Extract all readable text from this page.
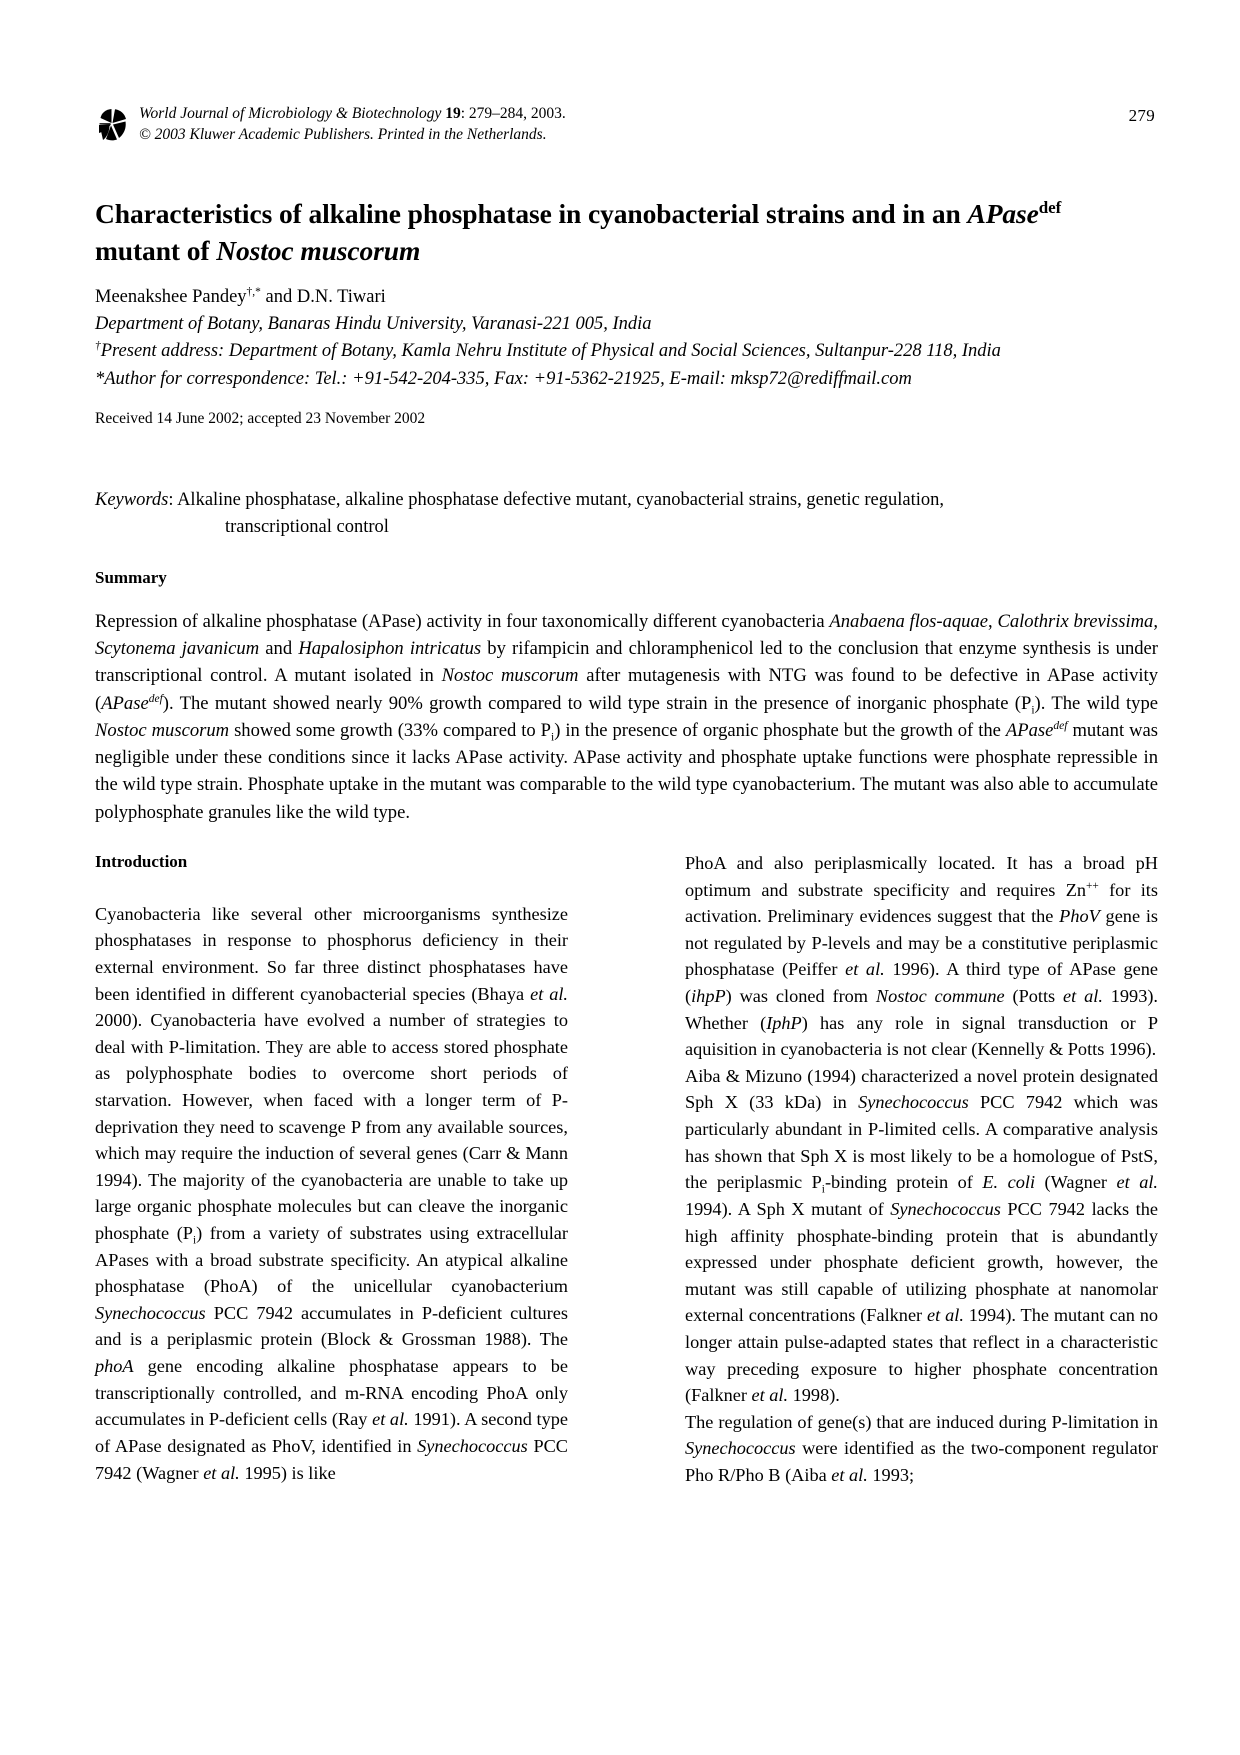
World Journal of Microbiology & Biotechnology 19: 279–284, 2003.
© 2003 Kluwer Academic Publishers. Printed in the Netherlands.
279
Characteristics of alkaline phosphatase in cyanobacterial strains and in an APase$^{def}$
mutant of Nostoc muscorum
Meenakshee Pandey†,* and D.N. Tiwari
Department of Botany, Banaras Hindu University, Varanasi-221 005, India
†Present address: Department of Botany, Kamla Nehru Institute of Physical and Social Sciences, Sultanpur-228 118, India
*Author for correspondence: Tel.: +91-542-204-335, Fax: +91-5362-21925, E-mail: mksp72@rediffmail.com
Received 14 June 2002; accepted 23 November 2002
Keywords: Alkaline phosphatase, alkaline phosphatase defective mutant, cyanobacterial strains, genetic regulation,
transcriptional control
Summary
Repression of alkaline phosphatase (APase) activity in four taxonomically different cyanobacteria Anabaena flos-aquae, Calothrix brevissima, Scytonema javanicum and Hapalosiphon intricatus by rifampicin and chloramphenicol led to the conclusion that enzyme synthesis is under transcriptional control. A mutant isolated in Nostoc muscorum after mutagenesis with NTG was found to be defective in APase activity (APase$^{def}$). The mutant showed nearly 90% growth compared to wild type strain in the presence of inorganic phosphate $(P_i)$. The wild type Nostoc muscorum showed some growth (33% compared to $P_i$) in the presence of organic phosphate but the growth of the APase$^{def}$ mutant was negligible under these conditions since it lacks APase activity. APase activity and phosphate uptake functions were phosphate repressible in the wild type strain. Phosphate uptake in the mutant was comparable to the wild type cyanobacterium. The mutant was also able to accumulate polyphosphate granules like the wild type.
Introduction

Cyanobacteria like several other microorganisms synthesize phosphatases in response to phosphorus deficiency in their external environment. So far three distinct phosphatases have been identified in different cyanobacterial species (Bhaya et al. 2000). Cyanobacteria have evolved a number of strategies to deal with P-limitation. They are able to access stored phosphate as polyphosphate bodies to overcome short periods of starvation. However, when faced with a longer term of P-deprivation they need to scavenge P from any available sources, which may require the induction of several genes (Carr & Mann 1994). The majority of the cyanobacteria are unable to take up large organic phosphate molecules but can cleave the inorganic phosphate $(P_i)$ from a variety of substrates using extracellular APases with a broad substrate specificity. An atypical alkaline phosphatase (PhoA) of the unicellular cyanobacterium Synechococcus PCC 7942 accumulates in P-deficient cultures and is a periplasmic protein (Block & Grossman 1988). The phoA gene encoding alkaline phosphatase appears to be transcriptionally controlled, and m-RNA encoding PhoA only accumulates in P-deficient cells (Ray et al. 1991). A second type of APase designated as PhoV, identified in Synechococcus PCC 7942 (Wagner et al. 1995) is like

PhoA and also periplasmically located. It has a broad pH optimum and substrate specificity and requires Zn++ for its activation. Preliminary evidences suggest that the PhoV gene is not regulated by P-levels and may be a constitutive periplasmic phosphatase (Peiffer et al. 1996). A third type of APase gene (ihpP) was cloned from Nostoc commune (Potts et al. 1993). Whether (IphP) has any role in signal transduction or P aquisition in cyanobacteria is not clear (Kennelly & Potts 1996).

Aiba & Mizuno (1994) characterized a novel protein designated Sph X (33 kDa) in Synechococcus PCC 7942 which was particularly abundant in P-limited cells. A comparative analysis has shown that Sph X is most likely to be a homologue of PstS, the periplasmic $P_i$-binding protein of E. coli (Wagner et al. 1994). A Sph X mutant of Synechococcus PCC 7942 lacks the high affinity phosphate-binding protein that is abundantly expressed under phosphate deficient growth, however, the mutant was still capable of utilizing phosphate at nanomolar external concentrations (Falkner et al. 1994). The mutant can no longer attain pulse-adapted states that reflect in a characteristic way preceding exposure to higher phosphate concentration (Falkner et al. 1998).

The regulation of gene(s) that are induced during P-limitation in Synechococcus were identified as the two-component regulator Pho R/Pho B (Aiba et al. 1993;
